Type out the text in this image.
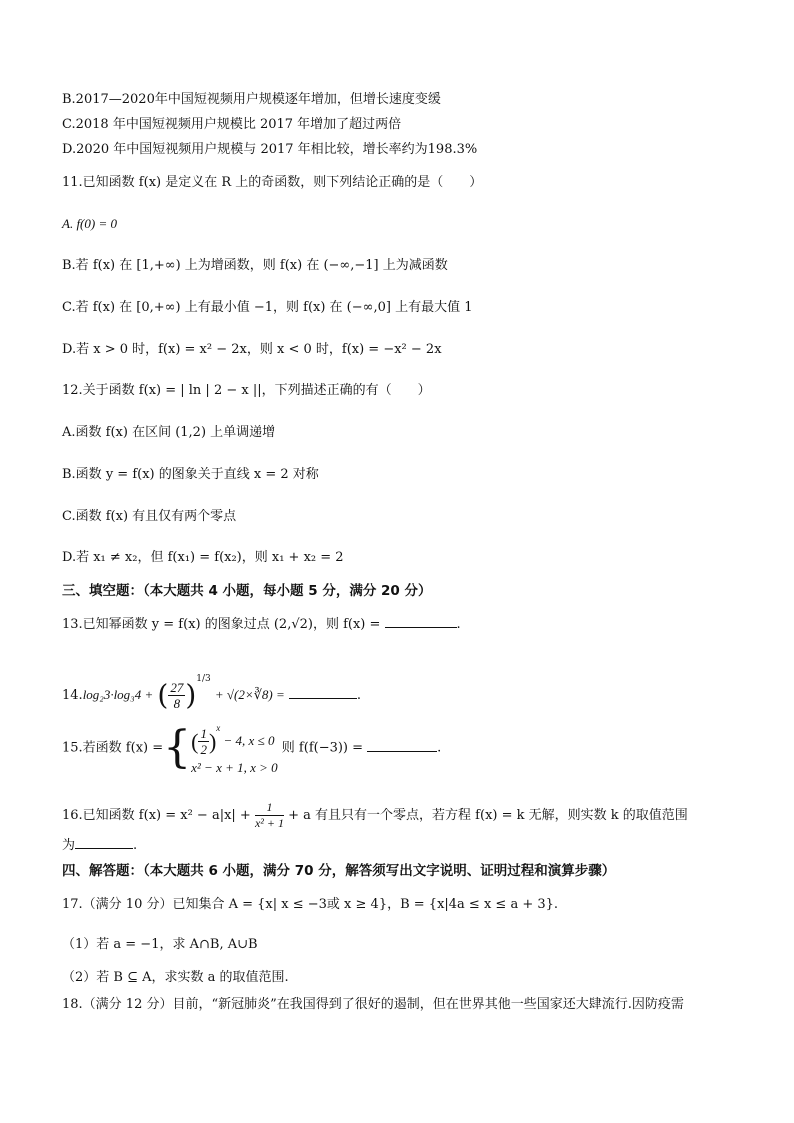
B.2017—2020年中国短视频用户规模逐年增加，但增长速度变缓
C.2018 年中国短视频用户规模比 2017 年增加了超过两倍
D.2020 年中国短视频用户规模与 2017 年相比较，增长率约为198.3%
11.已知函数 f(x) 是定义在 R 上的奇函数，则下列结论正确的是（　　）
A. f(0) = 0
B.若 f(x) 在 [1,+∞) 上为增函数，则 f(x) 在 (−∞,−1] 上为减函数
C.若 f(x) 在 [0,+∞) 上有最小值 −1，则 f(x) 在 (−∞,0] 上有最大值 1
D.若 x > 0 时，f(x) = x² − 2x，则 x < 0 时，f(x) = −x² − 2x
12.关于函数 f(x) = | ln | 2 − x ||，下列描述正确的有（　　）
A.函数 f(x) 在区间 (1,2) 上单调递增
B.函数 y = f(x) 的图象关于直线 x = 2 对称
C.函数 f(x) 有且仅有两个零点
D.若 x₁ ≠ x₂，但 f(x₁) = f(x₂)，则 x₁ + x₂ = 2
三、填空题：（本大题共 4 小题，每小题 5 分，满分 20 分）
13.已知幂函数 y = f(x) 的图象过点 (2,√2)，则 f(x) =	.
14.log₂3·log₃4 + ( $\frac{27}{8} )^{1/3}$ + √(2×∛8) =	.
15.若函数 f(x) ={ ( $\frac{1}{2} )^x - 4$, x ≤ 0
x² − x + 1, x > 0
则 f(f(−3)) =	.
16.已知函数 $f(x) = x^2 - a|x| + \frac{1}{\text{x² + 1}} + a$ 有且只有一个零点，若方程 f(x) = k 无解，则实数 k 的取值范围
为	.
四、解答题：（本大题共 6 小题，满分 70 分，解答须写出文字说明、证明过程和演算步骤）
17.（满分 10 分）已知集合 A = {x| x ≤ −3或 x ≥ 4}，B = {x|4a ≤ x ≤ a + 3}.
（1）若 a = −1，求 A∩B, A∪B
（2）若 B ⊆ A，求实数 a 的取值范围.
18.（满分 12 分）目前，“新冠肺炎”在我国得到了很好的遏制，但在世界其他一些国家还大肆流行.因防疫需
